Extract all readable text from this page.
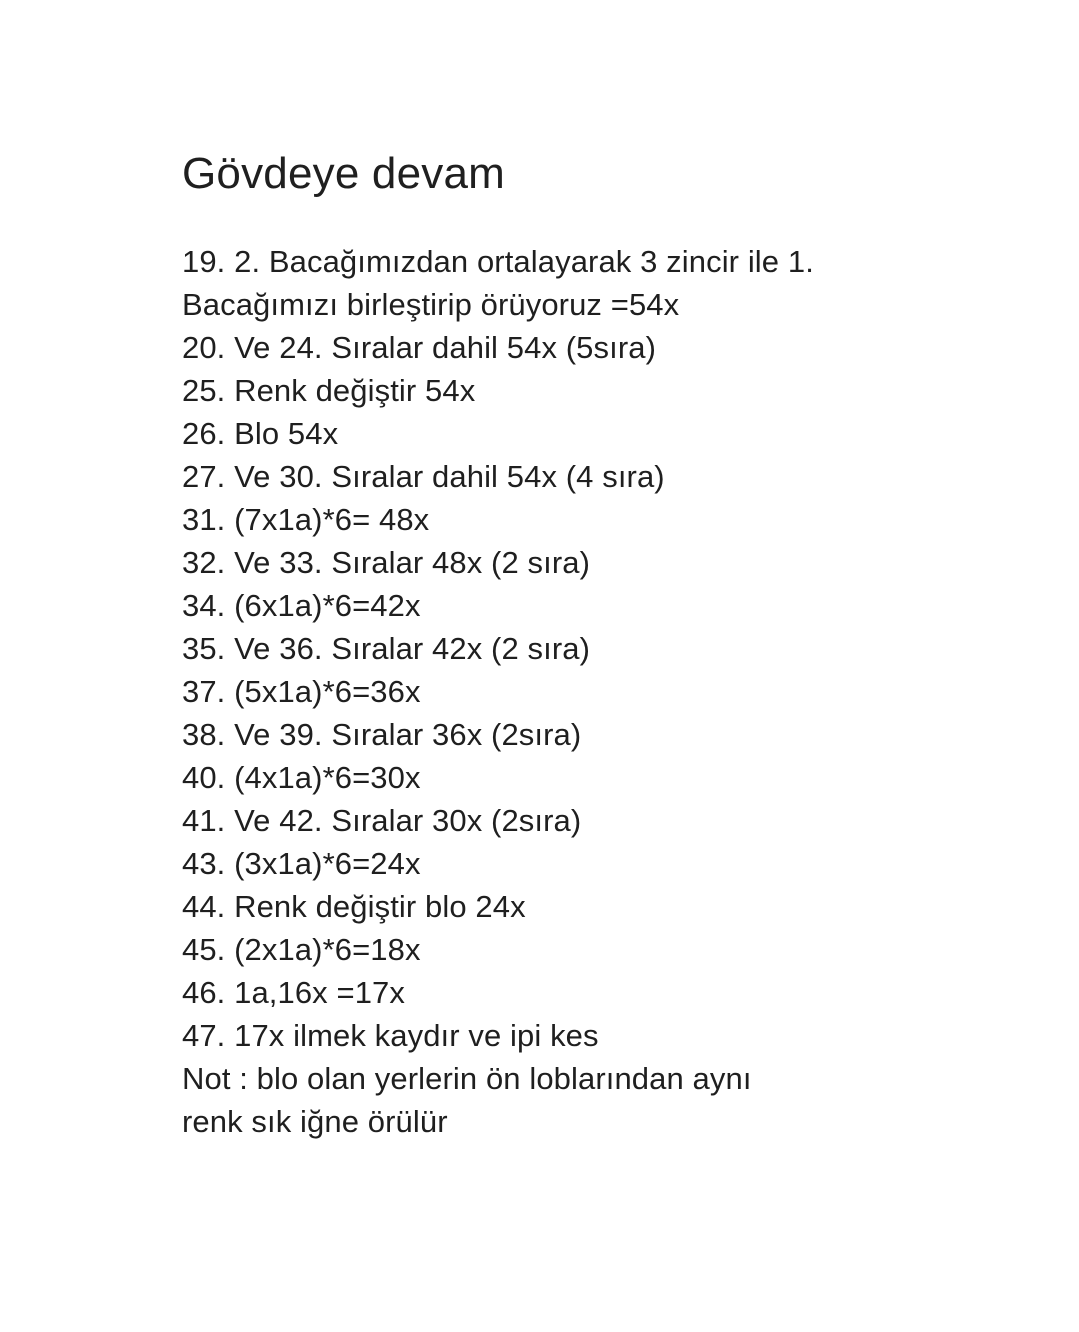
Gövdeye devam
19. 2. Bacağımızdan ortalayarak 3 zincir ile 1.
Bacağımızı birleştirip örüyoruz =54x
20. Ve 24. Sıralar dahil 54x (5sıra)
25. Renk değiştir 54x
26. Blo 54x
27. Ve 30. Sıralar dahil 54x (4 sıra)
31. (7x1a)*6= 48x
32. Ve 33. Sıralar 48x (2 sıra)
34. (6x1a)*6=42x
35. Ve 36. Sıralar 42x (2 sıra)
37. (5x1a)*6=36x
38. Ve 39. Sıralar 36x (2sıra)
40. (4x1a)*6=30x
41. Ve 42. Sıralar 30x (2sıra)
43. (3x1a)*6=24x
44. Renk değiştir blo 24x
45. (2x1a)*6=18x
46. 1a,16x =17x
47. 17x ilmek kaydır ve ipi kes
Not : blo olan yerlerin ön loblarından aynı
renk sık iğne örülür
